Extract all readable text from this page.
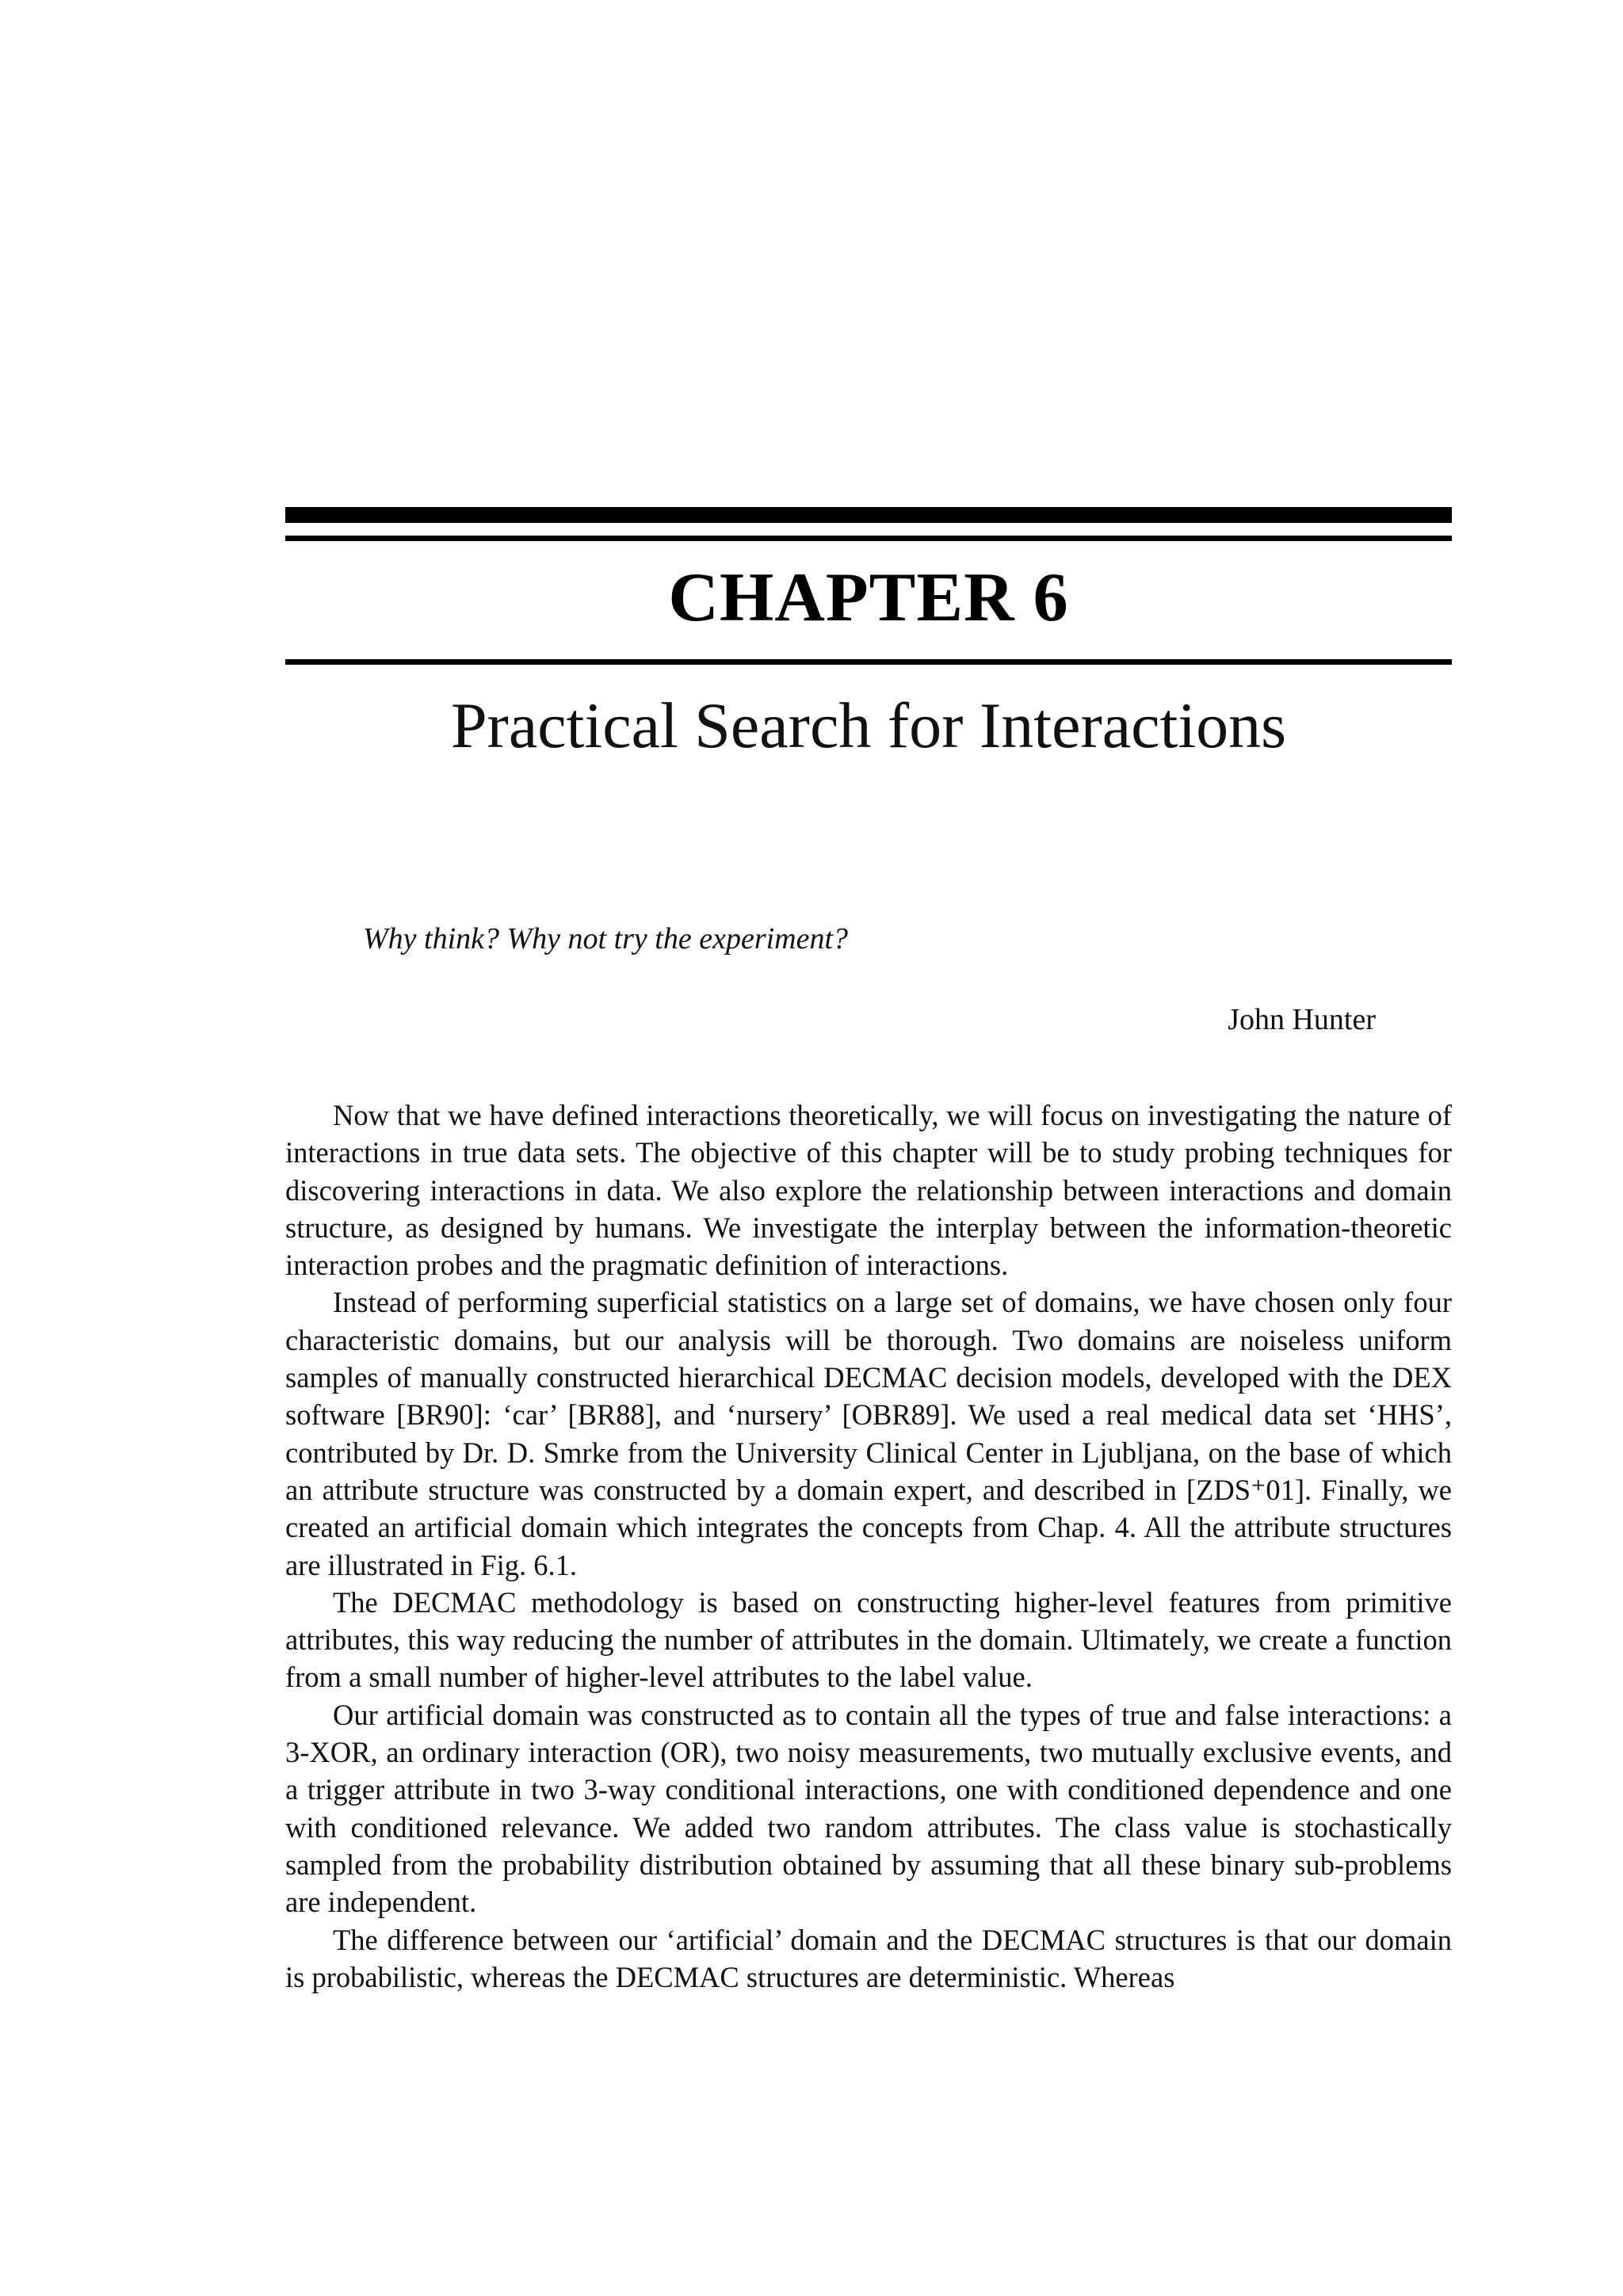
CHAPTER 6
Practical Search for Interactions
Why think? Why not try the experiment?
John Hunter

Now that we have defined interactions theoretically, we will focus on investigating the nature of interactions in true data sets. The objective of this chapter will be to study probing techniques for discovering interactions in data. We also explore the relationship between interactions and domain structure, as designed by humans. We investigate the interplay between the information-theoretic interaction probes and the pragmatic definition of interactions.

Instead of performing superficial statistics on a large set of domains, we have chosen only four characteristic domains, but our analysis will be thorough. Two domains are noiseless uniform samples of manually constructed hierarchical DECMAC decision models, developed with the DEX software [BR90]: ‘car’ [BR88], and ‘nursery’ [OBR89]. We used a real medical data set ‘HHS’, contributed by Dr. D. Smrke from the University Clinical Center in Ljubljana, on the base of which an attribute structure was constructed by a domain expert, and described in [ZDS⁺01]. Finally, we created an artificial domain which integrates the concepts from Chap. 4. All the attribute structures are illustrated in Fig. 6.1.

The DECMAC methodology is based on constructing higher-level features from primitive attributes, this way reducing the number of attributes in the domain. Ultimately, we create a function from a small number of higher-level attributes to the label value.

Our artificial domain was constructed as to contain all the types of true and false interactions: a 3-XOR, an ordinary interaction (OR), two noisy measurements, two mutually exclusive events, and a trigger attribute in two 3-way conditional interactions, one with conditioned dependence and one with conditioned relevance. We added two random attributes. The class value is stochastically sampled from the probability distribution obtained by assuming that all these binary sub-problems are independent.

The difference between our ‘artificial’ domain and the DECMAC structures is that our domain is probabilistic, whereas the DECMAC structures are deterministic. Whereas
